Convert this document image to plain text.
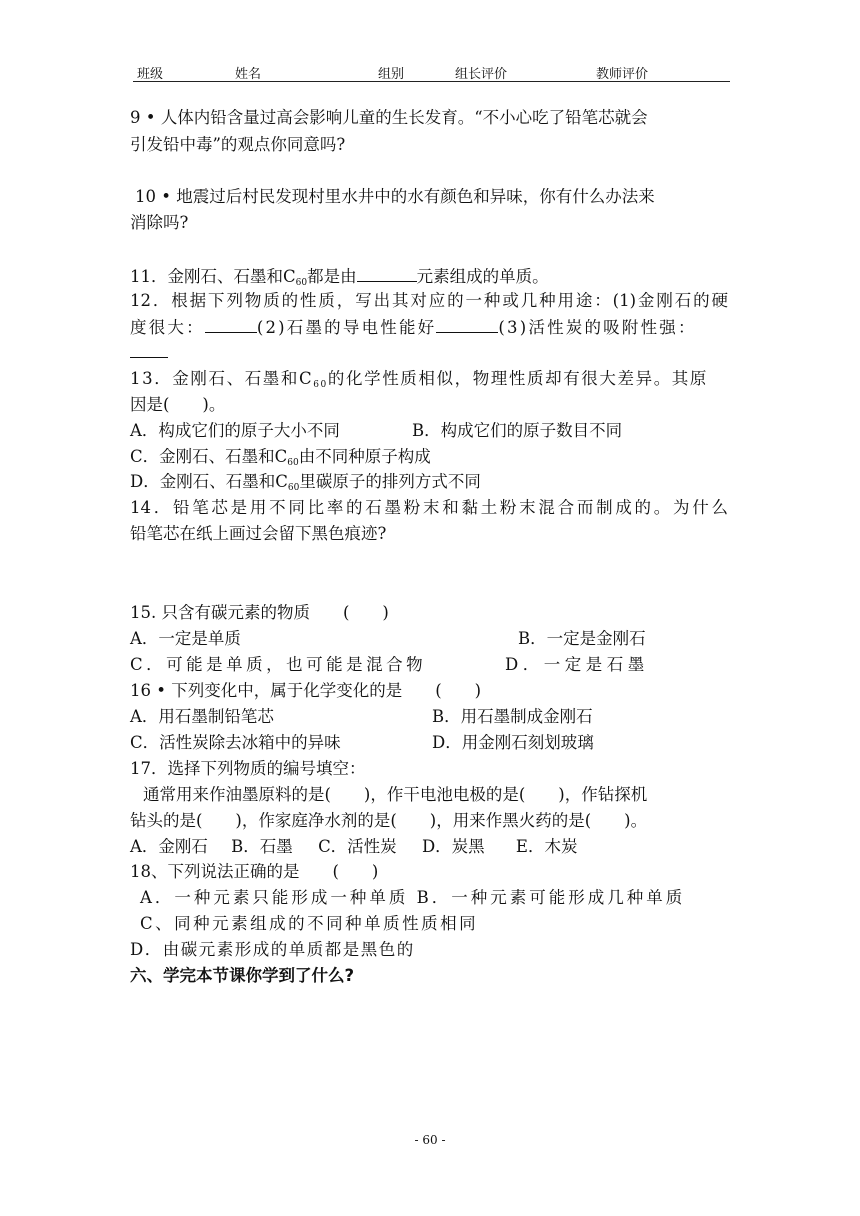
班级	姓名	组别	组长评价	教师评价
9 • 人体内铅含量过高会影响儿童的生长发育。“不小心吃了铅笔芯就会
引发铅中毒”的观点你同意吗?
10 • 地震过后村民发现村里水井中的水有颜色和异味，你有什么办法来
消除吗?
11．金刚石、石墨和$C_{60}$都是由	元素组成的单质。
12．根据下列物质的性质，写出其对应的一种或几种用途：(1)金刚石的硬
度很大：	(2)石墨的导电性能好	(3)活性炭的吸附性强：
13．金刚石、石墨和$C_{60}$的化学性质相似，物理性质却有很大差异。其原
因是(　　)。
A．构成它们的原子大小不同	B．构成它们的原子数目不同
C．金刚石、石墨和$C_{60}$由不同种原子构成
D．金刚石、石墨和$C_{60}$里碳原子的排列方式不同
14．铅笔芯是用不同比率的石墨粉末和黏土粉末混合而制成的。为什么
铅笔芯在纸上画过会留下黑色痕迹?
15. 只含有碳元素的物质　　(　　)
A．一定是单质	B．一定是金刚石
C．可能是单质，也可能是混合物	D．一定是石墨
16 • 下列变化中，属于化学变化的是　　(　　)
A．用石墨制铅笔芯	B．用石墨制成金刚石
C．活性炭除去冰箱中的异味	D．用金刚石刻划玻璃
17．选择下列物质的编号填空：
通常用来作油墨原料的是(　　)，作干电池电极的是(　　)，作钻探机
钻头的是(　　)，作家庭净水剂的是(　　)，用来作黑火药的是(　　)。
A．金刚石 B．石墨 C．活性炭 D．炭黑 E．木炭
18、下列说法正确的是　　(　　)
A．一种元素只能形成一种单质 B．一种元素可能形成几种单质
C、同种元素组成的不同种单质性质相同
D．由碳元素形成的单质都是黑色的
六、学完本节课你学到了什么?
- 60 -
